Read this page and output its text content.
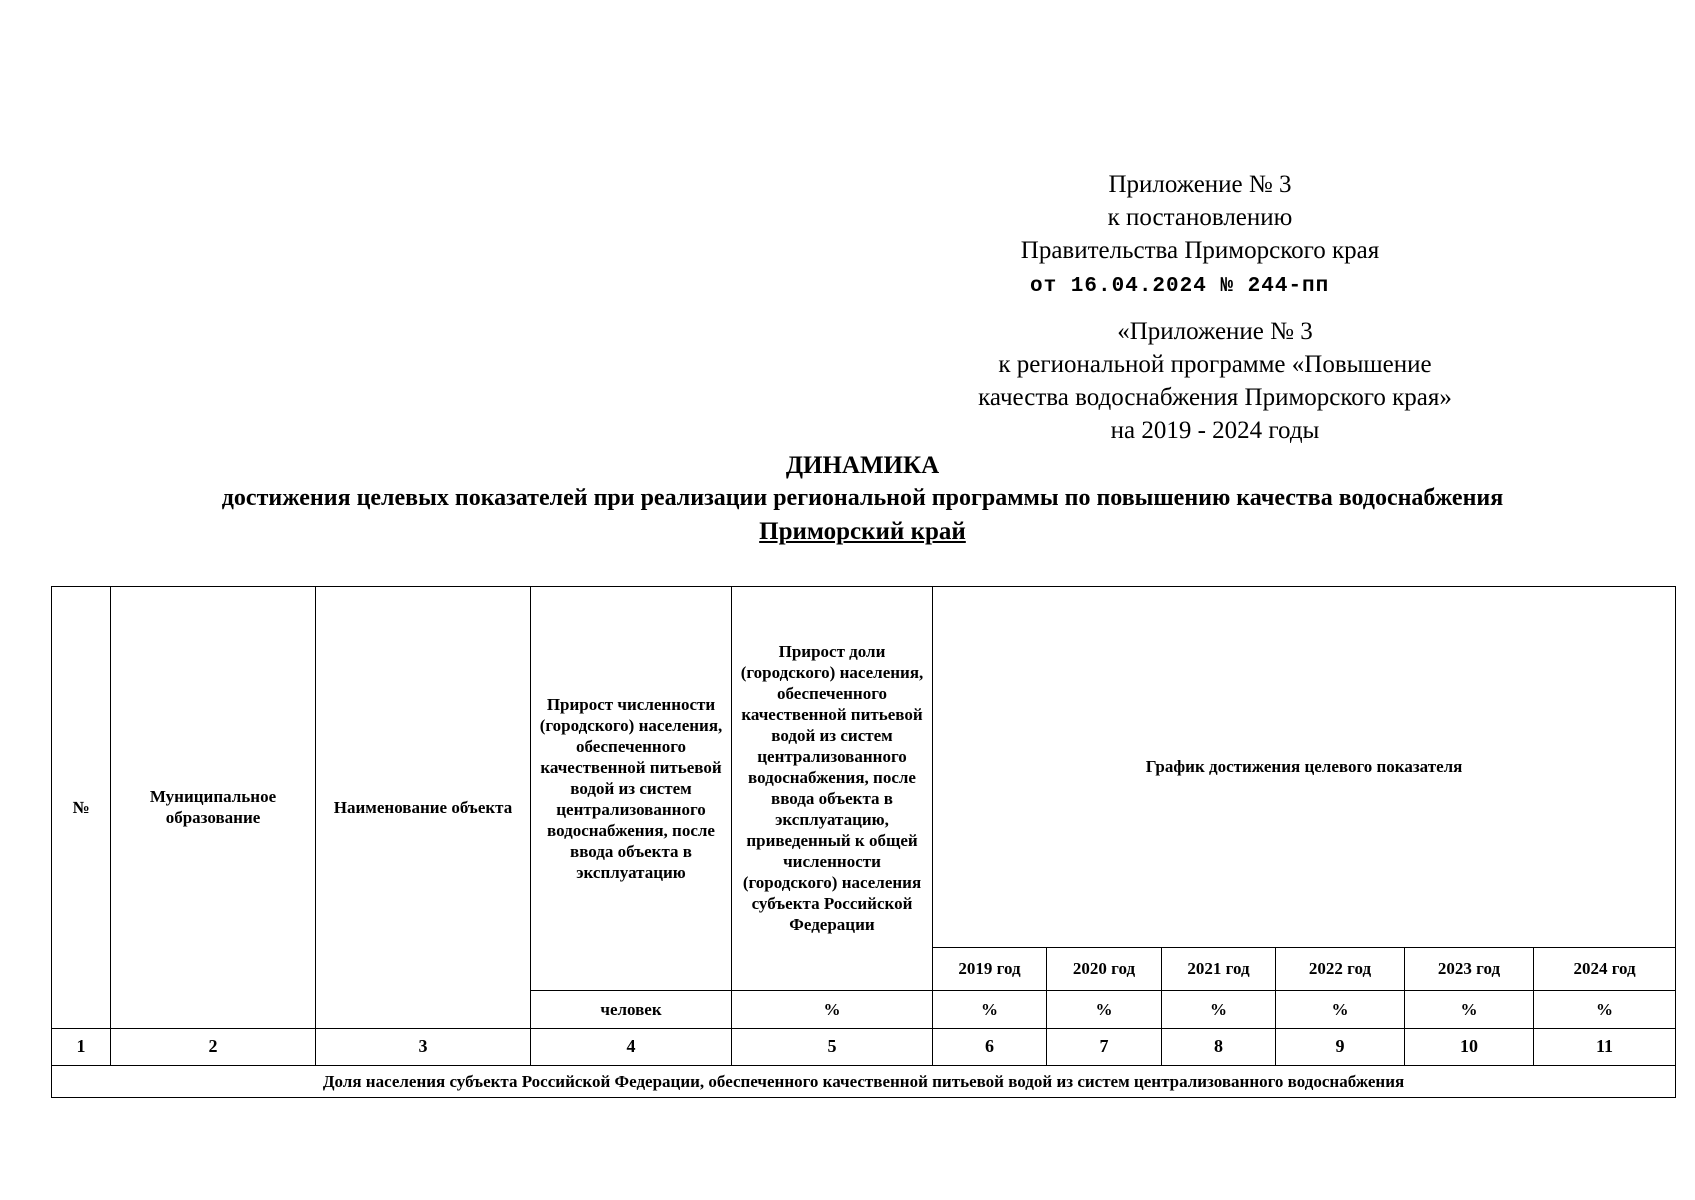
Приложение № 3
к постановлению
Правительства Приморского края
от 16.04.2024 № 244-пп
«Приложение № 3
к региональной программе «Повышение
качества водоснабжения Приморского края»
на 2019 - 2024 годы
ДИНАМИКА
достижения целевых показателей при реализации региональной программы по повышению качества водоснабжения
Приморский край
№	Муниципальное образование	Наименование объекта	Прирост численности (городского) населения, обеспеченного качественной питьевой водой из систем централизованного водоснабжения, после ввода объекта в эксплуатацию	Прирост доли (городского) населения, обеспеченного качественной питьевой водой из систем централизованного водоснабжения, после ввода объекта в эксплуатацию, приведенный к общей численности (городского) населения субъекта Российской Федерации	График достижения целевого показателя					
					2019 год	2020 год	2021 год	2022 год	2023 год	2024 год
			человек	%	%	%	%	%	%	%
1	2	3	4	5	6	7	8	9	10	11
Доля населения субъекта Российской Федерации, обеспеченного качественной питьевой водой из систем централизованного водоснабжения										
